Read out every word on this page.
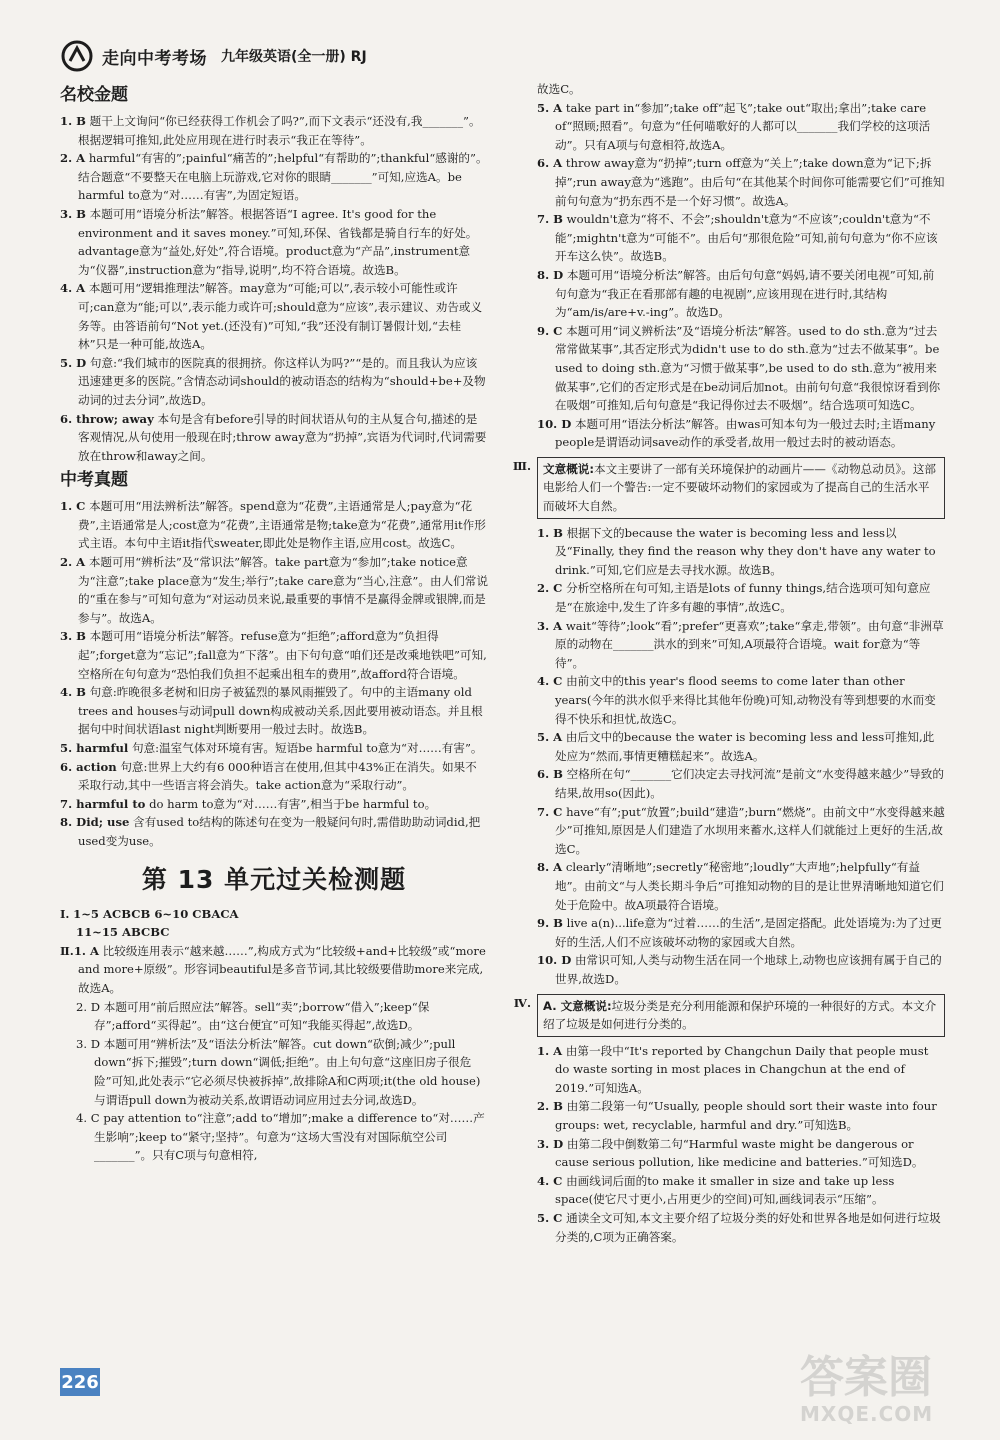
走向中考考场 九年级英语(全一册) RJ
名校金题

1. B 题干上文询问“你已经获得工作机会了吗?”,而下文表示“还没有,我_______”。根据逻辑可推知,此处应用现在进行时表示“我正在等待”。

2. A harmful“有害的”;painful“痛苦的”;helpful“有帮助的”;thankful“感谢的”。结合题意“不要整天在电脑上玩游戏,它对你的眼睛_______”可知,应选A。be harmful to意为“对……有害”,为固定短语。

3. B 本题可用“语境分析法”解答。根据答语“I agree. It's good for the environment and it saves money.”可知,环保、省钱都是骑自行车的好处。advantage意为“益处,好处”,符合语境。product意为“产品”,instrument意为“仪器”,instruction意为“指导,说明”,均不符合语境。故选B。

4. A 本题可用“逻辑推理法”解答。may意为“可能;可以”,表示较小可能性或许可;can意为“能;可以”,表示能力或许可;should意为“应该”,表示建议、劝告或义务等。由答语前句“Not yet.(还没有)”可知,“我”还没有制订暑假计划,“去桂林”只是一种可能,故选A。

5. D 句意:“我们城市的医院真的很拥挤。你这样认为吗?”“是的。而且我认为应该迅速建更多的医院。”含情态动词should的被动语态的结构为“should+be+及物动词的过去分词”,故选D。

6. throw; away 本句是含有before引导的时间状语从句的主从复合句,描述的是客观情况,从句使用一般现在时;throw away意为“扔掉”,宾语为代词时,代词需要放在throw和away之间。

中考真题

1. C 本题可用“用法辨析法”解答。spend意为“花费”,主语通常是人;pay意为“花费”,主语通常是人;cost意为“花费”,主语通常是物;take意为“花费”,通常用it作形式主语。本句中主语it指代sweater,即此处是物作主语,应用cost。故选C。

2. A 本题可用“辨析法”及“常识法”解答。take part意为“参加”;take notice意为“注意”;take place意为“发生;举行”;take care意为“当心,注意”。由人们常说的“重在参与”可知句意为“对运动员来说,最重要的事情不是赢得金牌或银牌,而是参与”。故选A。

3. B 本题可用“语境分析法”解答。refuse意为“拒绝”;afford意为“负担得起”;forget意为“忘记”;fall意为“下落”。由下句句意“咱们还是改乘地铁吧”可知,空格所在句句意为“恐怕我们负担不起乘出租车的费用”,故afford符合语境。

4. B 句意:昨晚很多老树和旧房子被猛烈的暴风雨摧毁了。句中的主语many old trees and houses与动词pull down构成被动关系,因此要用被动语态。并且根据句中时间状语last night判断要用一般过去时。故选B。

5. harmful 句意:温室气体对环境有害。短语be harmful to意为“对……有害”。

6. action 句意:世界上大约有6 000种语言在使用,但其中43%正在消失。如果不采取行动,其中一些语言将会消失。take action意为“采取行动”。

7. harmful to do harm to意为“对……有害”,相当于be harmful to。

8. Did; use 含有used to结构的陈述句在变为一般疑问句时,需借助助动词did,把used变为use。

第 13 单元过关检测题

Ⅰ. 1~5 ACBCB 6~10 CBACA

11~15 ABCBC

Ⅱ.1. A 比较级连用表示“越来越……”,构成方式为“比较级+and+比较级”或“more and more+原级”。形容词beautiful是多音节词,其比较级要借助more来完成,故选A。

2. D 本题可用“前后照应法”解答。sell“卖”;borrow“借入”;keep“保存”;afford“买得起”。由“这台便宜”可知“我能买得起”,故选D。

3. D 本题可用“辨析法”及“语法分析法”解答。cut down“砍倒;减少”;pull down“拆下;摧毁”;turn down“调低;拒绝”。由上句句意“这座旧房子很危险”可知,此处表示“它必须尽快被拆掉”,故排除A和C两项;it(the old house)与谓语pull down为被动关系,故谓语动词应用过去分词,故选D。

4. C pay attention to“注意”;add to“增加”;make a difference to“对……产生影响”;keep to“紧守;坚持”。句意为“这场大雪没有对国际航空公司_______”。只有C项与句意相符,

故选C。

5. A take part in“参加”;take off“起飞”;take out“取出;拿出”;take care of“照顾;照看”。句意为“任何喵歌好的人都可以_______我们学校的这项活动”。只有A项与句意相符,故选A。

6. A throw away意为“扔掉”;turn off意为“关上”;take down意为“记下;拆掉”;run away意为“逃跑”。由后句“在其他某个时间你可能需要它们”可推知前句句意为“扔东西不是一个好习惯”。故选A。

7. B wouldn't意为“将不、不会”;shouldn't意为“不应该”;couldn't意为“不能”;mightn't意为“可能不”。由后句“那很危险”可知,前句句意为“你不应该开车这么快”。故选B。

8. D 本题可用“语境分析法”解答。由后句句意“妈妈,请不要关闭电视”可知,前句句意为“我正在看那部有趣的电视剧”,应该用现在进行时,其结构为“am/is/are+v.-ing”。故选D。

9. C 本题可用“词义辨析法”及“语境分析法”解答。used to do sth.意为“过去常常做某事”,其否定形式为didn't use to do sth.意为“过去不做某事”。be used to doing sth.意为“习惯于做某事”,be used to do sth.意为“被用来做某事”,它们的否定形式是在be动词后加not。由前句句意“我很惊讶看到你在吸烟”可推知,后句句意是“我记得你过去不吸烟”。结合选项可知选C。

10. D 本题可用“语法分析法”解答。由was可知本句为一般过去时;主语many people是谓语动词save动作的承受者,故用一般过去时的被动语态。

Ⅲ.	文意概说:本文主要讲了一部有关环境保护的动画片——《动物总动员》。这部电影给人们一个警告:一定不要破坏动物们的家园或为了提高自己的生活水平而破坏大自然。

1. B 根据下文的because the water is becoming less and less以及“Finally, they find the reason why they don't have any water to drink.”可知,它们应是去寻找水源。故选B。

2. C 分析空格所在句可知,主语是lots of funny things,结合选项可知句意应是“在旅途中,发生了许多有趣的事情”,故选C。

3. A wait“等待”;look“看”;prefer“更喜欢”;take“拿走,带领”。由句意“非洲草原的动物在_______洪水的到来”可知,A项最符合语境。wait for意为“等待”。

4. C 由前文中的this year's flood seems to come later than other years(今年的洪水似乎来得比其他年份晚)可知,动物没有等到想要的水而变得不快乐和担忧,故选C。

5. A 由后文中的because the water is becoming less and less可推知,此处应为“然而,事情更糟糕起来”。故选A。

6. B 空格所在句“_______它们决定去寻找河流”是前文“水变得越来越少”导致的结果,故用so(因此)。

7. C have“有”;put“放置”;build“建造”;burn“燃烧”。由前文中“水变得越来越少”可推知,原因是人们建造了水坝用来蓄水,这样人们就能过上更好的生活,故选C。

8. A clearly“清晰地”;secretly“秘密地”;loudly“大声地”;helpfully“有益地”。由前文“与人类长期斗争后”可推知动物的目的是让世界清晰地知道它们处于危险中。故A项最符合语境。

9. B live a(n)...life意为“过着……的生活”,是固定搭配。此处语境为:为了过更好的生活,人们不应该破坏动物的家园或大自然。

10. D 由常识可知,人类与动物生活在同一个地球上,动物也应该拥有属于自己的世界,故选D。

Ⅳ.	A. 文意概说:垃圾分类是充分利用能源和保护环境的一种很好的方式。本文介绍了垃圾是如何进行分类的。

1. A 由第一段中“It's reported by Changchun Daily that people must do waste sorting in most places in Changchun at the end of 2019.”可知选A。

2. B 由第二段第一句“Usually, people should sort their waste into four groups: wet, recyclable, harmful and dry.”可知选B。

3. D 由第二段中倒数第二句“Harmful waste might be dangerous or cause serious pollution, like medicine and batteries.”可知选D。

4. C 由画线词后面的to make it smaller in size and take up less space(使它尺寸更小,占用更少的空间)可知,画线词表示“压缩”。

5. C 通读全文可知,本文主要介绍了垃圾分类的好处和世界各地是如何进行垃圾分类的,C项为正确答案。

226	答案圈
MXQE.COM
